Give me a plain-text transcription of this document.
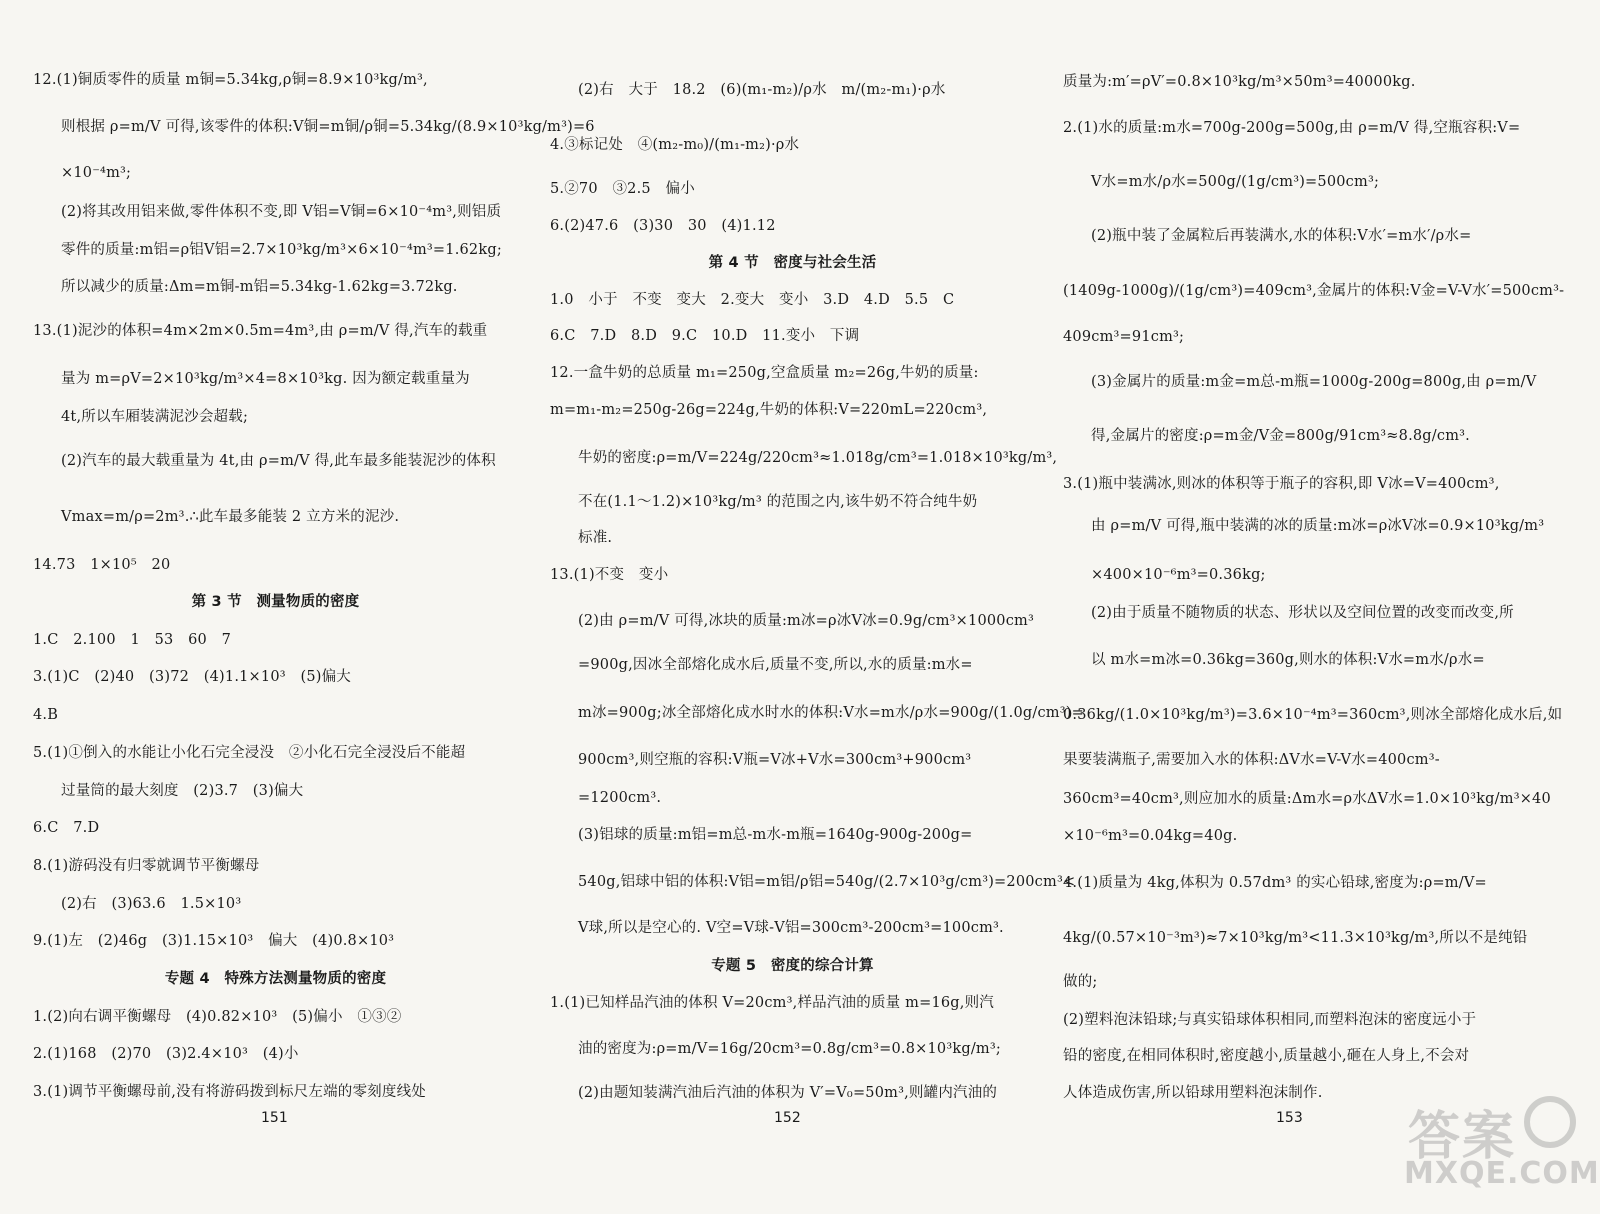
12.(1)铜质零件的质量 m铜=5.34kg,ρ铜=8.9×10³kg/m³,
则根据 ρ=m/V 可得,该零件的体积:V铜=m铜/ρ铜=5.34kg/(8.9×10³kg/m³)=6
×10⁻⁴m³;
(2)将其改用铝来做,零件体积不变,即 V铝=V铜=6×10⁻⁴m³,则铝质
零件的质量:m铝=ρ铝V铝=2.7×10³kg/m³×6×10⁻⁴m³=1.62kg;
所以减少的质量:Δm=m铜-m铝=5.34kg-1.62kg=3.72kg.
13.(1)泥沙的体积=4m×2m×0.5m=4m³,由 ρ=m/V 得,汽车的载重
量为 m=ρV=2×10³kg/m³×4=8×10³kg. 因为额定载重量为
4t,所以车厢装满泥沙会超载;
(2)汽车的最大载重量为 4t,由 ρ=m/V 得,此车最多能装泥沙的体积
Vmax=m/ρ=2m³.∴此车最多能装 2 立方米的泥沙.
14.73　1×10⁵　20
第 3 节　测量物质的密度
1.C　2.100　1　53　60　7
3.(1)C　(2)40　(3)72　(4)1.1×10³　(5)偏大
4.B
5.(1)①倒入的水能让小化石完全浸没　②小化石完全浸没后不能超
过量筒的最大刻度　(2)3.7　(3)偏大
6.C　7.D
8.(1)游码没有归零就调节平衡螺母
(2)右　(3)63.6　1.5×10³
9.(1)左　(2)46g　(3)1.15×10³　偏大　(4)0.8×10³
专题 4　特殊方法测量物质的密度
1.(2)向右调平衡螺母　(4)0.82×10³　(5)偏小　①③②
2.(1)168　(2)70　(3)2.4×10³　(4)小
3.(1)调节平衡螺母前,没有将游码拨到标尺左端的零刻度线处
151
(2)右　大于　18.2　(6)(m₁-m₂)/ρ水　m/(m₂-m₁)·ρ水
4.③标记处　④(m₂-m₀)/(m₁-m₂)·ρ水
5.②70　③2.5　偏小
6.(2)47.6　(3)30　30　(4)1.12
第 4 节　密度与社会生活
1.0　小于　不变　变大　2.变大　变小　3.D　4.D　5.5　C
6.C　7.D　8.D　9.C　10.D　11.变小　下调
12.一盒牛奶的总质量 m₁=250g,空盒质量 m₂=26g,牛奶的质量:
m=m₁-m₂=250g-26g=224g,牛奶的体积:V=220mL=220cm³,
牛奶的密度:ρ=m/V=224g/220cm³≈1.018g/cm³=1.018×10³kg/m³,
不在(1.1～1.2)×10³kg/m³ 的范围之内,该牛奶不符合纯牛奶
标准.
13.(1)不变　变小
(2)由 ρ=m/V 可得,冰块的质量:m冰=ρ冰V冰=0.9g/cm³×1000cm³
=900g,因冰全部熔化成水后,质量不变,所以,水的质量:m水=
m冰=900g;冰全部熔化成水时水的体积:V水=m水/ρ水=900g/(1.0g/cm³)=
900cm³,则空瓶的容积:V瓶=V冰+V水=300cm³+900cm³
=1200cm³.
(3)铝球的质量:m铝=m总-m水-m瓶=1640g-900g-200g=
540g,铝球中铝的体积:V铝=m铝/ρ铝=540g/(2.7×10³g/cm³)=200cm³<
V球,所以是空心的. V空=V球-V铝=300cm³-200cm³=100cm³.
专题 5　密度的综合计算
1.(1)已知样品汽油的体积 V=20cm³,样品汽油的质量 m=16g,则汽
油的密度为:ρ=m/V=16g/20cm³=0.8g/cm³=0.8×10³kg/m³;
(2)由题知装满汽油后汽油的体积为 V′=V₀=50m³,则罐内汽油的
152
质量为:m′=ρV′=0.8×10³kg/m³×50m³=40000kg.
2.(1)水的质量:m水=700g-200g=500g,由 ρ=m/V 得,空瓶容积:V=
V水=m水/ρ水=500g/(1g/cm³)=500cm³;
(2)瓶中装了金属粒后再装满水,水的体积:V水′=m水′/ρ水=
(1409g-1000g)/(1g/cm³)=409cm³,金属片的体积:V金=V-V水′=500cm³-
409cm³=91cm³;
(3)金属片的质量:m金=m总-m瓶=1000g-200g=800g,由 ρ=m/V
得,金属片的密度:ρ=m金/V金=800g/91cm³≈8.8g/cm³.
3.(1)瓶中装满冰,则冰的体积等于瓶子的容积,即 V冰=V=400cm³,
由 ρ=m/V 可得,瓶中装满的冰的质量:m冰=ρ冰V冰=0.9×10³kg/m³
×400×10⁻⁶m³=0.36kg;
(2)由于质量不随物质的状态、形状以及空间位置的改变而改变,所
以 m水=m冰=0.36kg=360g,则水的体积:V水=m水/ρ水=
0.36kg/(1.0×10³kg/m³)=3.6×10⁻⁴m³=360cm³,则冰全部熔化成水后,如
果要装满瓶子,需要加入水的体积:ΔV水=V-V水=400cm³-
360cm³=40cm³,则应加水的质量:Δm水=ρ水ΔV水=1.0×10³kg/m³×40
×10⁻⁶m³=0.04kg=40g.
4.(1)质量为 4kg,体积为 0.57dm³ 的实心铅球,密度为:ρ=m/V=
4kg/(0.57×10⁻³m³)≈7×10³kg/m³<11.3×10³kg/m³,所以不是纯铅
做的;
(2)塑料泡沫铅球;与真实铅球体积相同,而塑料泡沫的密度远小于
铅的密度,在相同体积时,密度越小,质量越小,砸在人身上,不会对
人体造成伤害,所以铅球用塑料泡沫制作.
153 答案
MXQE.COM
